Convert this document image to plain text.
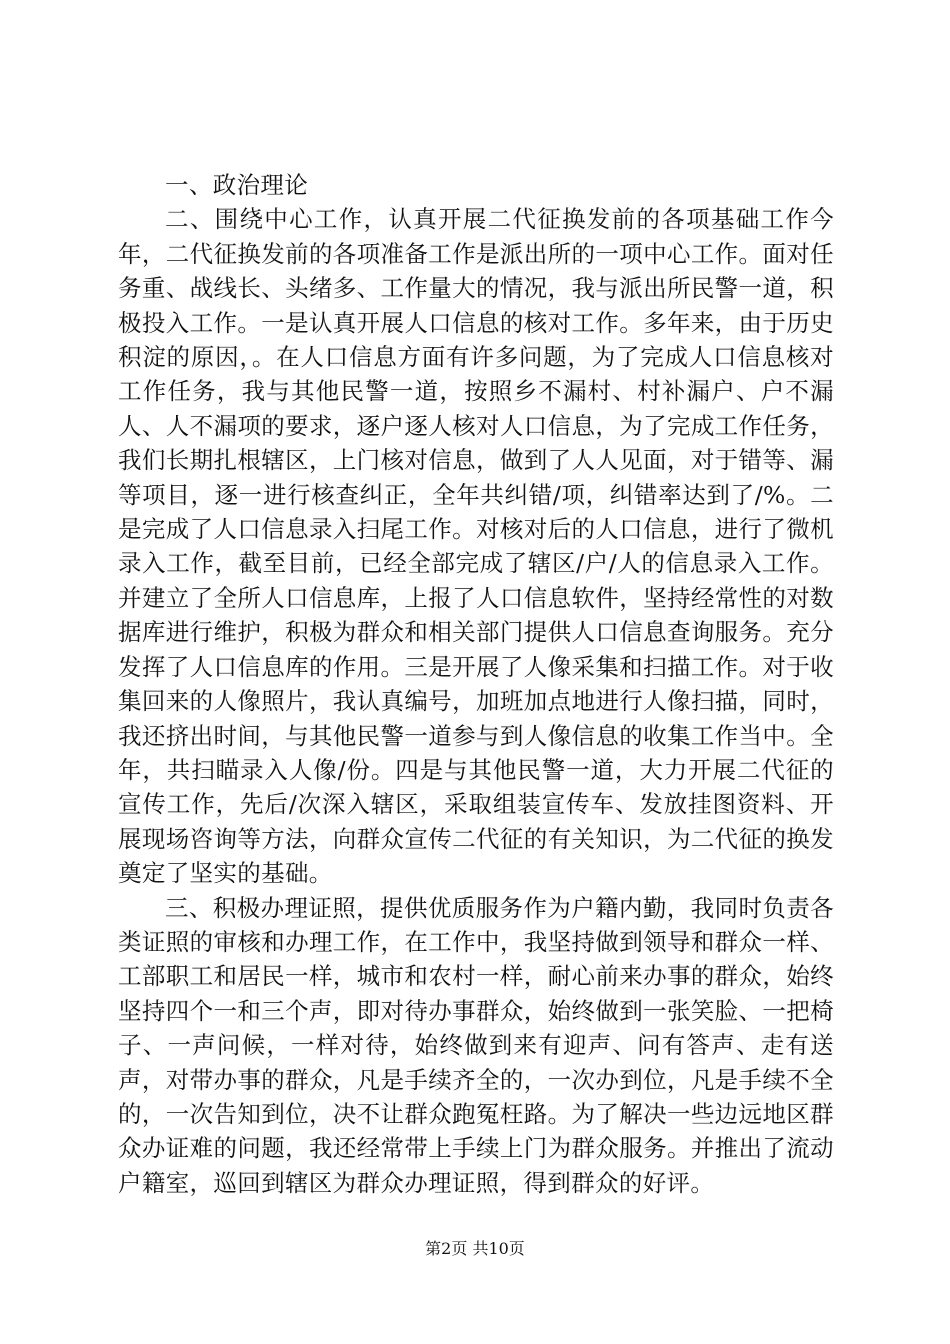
一、政治理论

二、围绕中心工作，认真开展二代征换发前的各项基础工作今年，二代征换发前的各项准备工作是派出所的一项中心工作。面对任务重、战线长、头绪多、工作量大的情况，我与派出所民警一道，积极投入工作。一是认真开展人口信息的核对工作。多年来，由于历史积淀的原因，。在人口信息方面有许多问题，为了完成人口信息核对工作任务，我与其他民警一道，按照乡不漏村、村补漏户、户不漏人、人不漏项的要求，逐户逐人核对人口信息，为了完成工作任务，我们长期扎根辖区，上门核对信息，做到了人人见面，对于错等、漏等项目，逐一进行核查纠正，全年共纠错/项，纠错率达到了/%。二是完成了人口信息录入扫尾工作。对核对后的人口信息，进行了微机录入工作，截至目前，已经全部完成了辖区/户/人的信息录入工作。并建立了全所人口信息库，上报了人口信息软件，坚持经常性的对数据库进行维护，积极为群众和相关部门提供人口信息查询服务。充分发挥了人口信息库的作用。三是开展了人像采集和扫描工作。对于收集回来的人像照片，我认真编号，加班加点地进行人像扫描，同时，我还挤出时间，与其他民警一道参与到人像信息的收集工作当中。全年，共扫瞄录入人像/份。四是与其他民警一道，大力开展二代征的宣传工作，先后/次深入辖区，采取组装宣传车、发放挂图资料、开展现场咨询等方法，向群众宣传二代征的有关知识，为二代征的换发奠定了坚实的基础。

三、积极办理证照，提供优质服务作为户籍内勤，我同时负责各类证照的审核和办理工作，在工作中，我坚持做到领导和群众一样、工部职工和居民一样，城市和农村一样，耐心前来办事的群众，始终坚持四个一和三个声，即对待办事群众，始终做到一张笑脸、一把椅子、一声问候，一样对待，始终做到来有迎声、问有答声、走有送声，对带办事的群众，凡是手续齐全的，一次办到位，凡是手续不全的，一次告知到位，决不让群众跑冤枉路。为了解决一些边远地区群众办证难的问题，我还经常带上手续上门为群众服务。并推出了流动户籍室，巡回到辖区为群众办理证照，得到群众的好评。

第2页 共10页
